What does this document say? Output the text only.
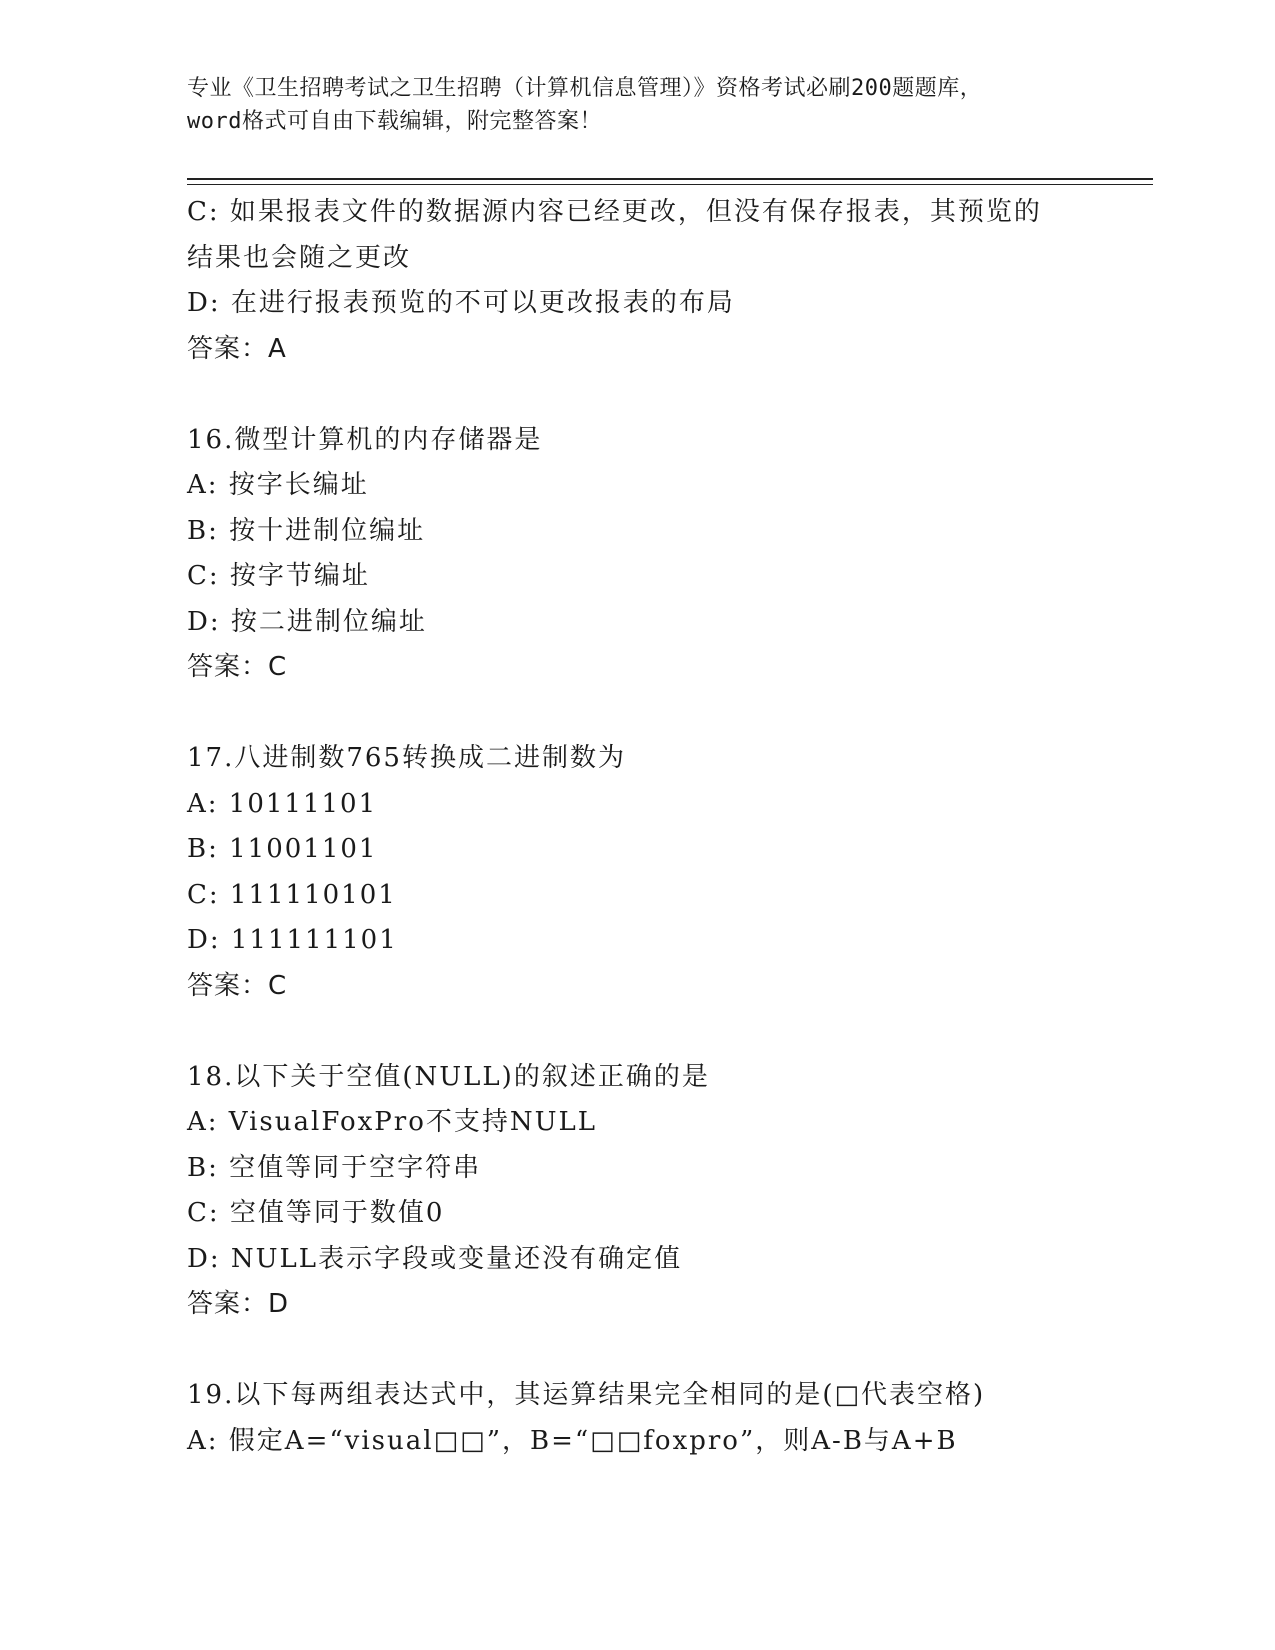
专业《卫生招聘考试之卫生招聘（计算机信息管理）》资格考试必刷200题题库，
word格式可自由下载编辑，附完整答案！
C: 如果报表文件的数据源内容已经更改，但没有保存报表，其预览的
结果也会随之更改
D: 在进行报表预览的不可以更改报表的布局
答案：A
16.微型计算机的内存储器是
A: 按字长编址
B: 按十进制位编址
C: 按字节编址
D: 按二进制位编址
答案：C
17.八进制数765转换成二进制数为
A: 10111101
B: 11001101
C: 111110101
D: 111111101
答案：C
18.以下关于空值(NULL)的叙述正确的是
A: VisualFoxPro不支持NULL
B: 空值等同于空字符串
C: 空值等同于数值0
D: NULL表示字段或变量还没有确定值
答案：D
19.以下每两组表达式中，其运算结果完全相同的是(□代表空格)
A: 假定A=“visual□□”，B=“□□foxpro”，则A-B与A+B
